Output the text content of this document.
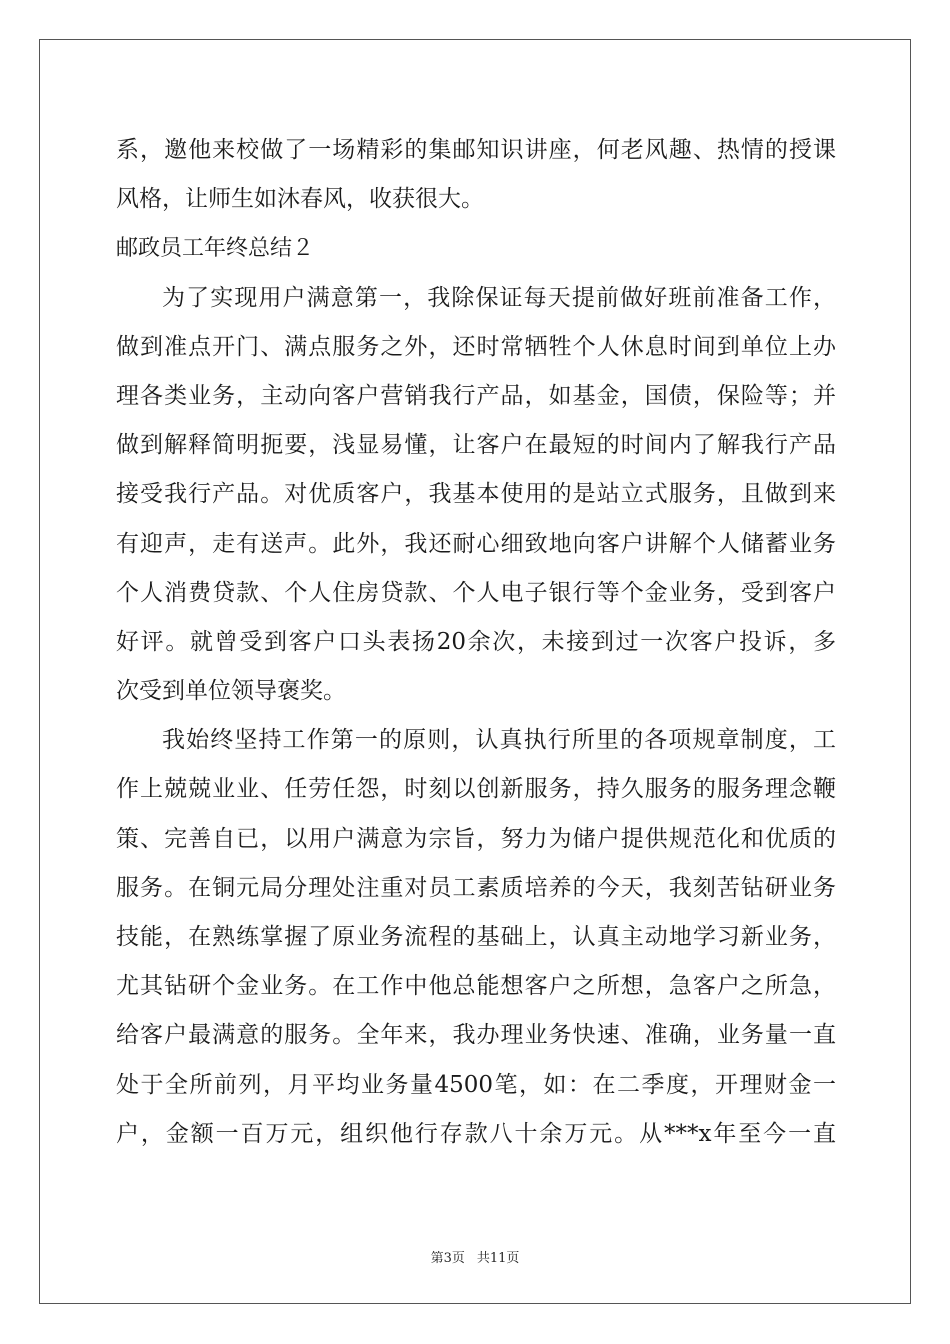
系，邀他来校做了一场精彩的集邮知识讲座，何老风趣、热情的授课
风格，让师生如沐春风，收获很大。
邮政员工年终总结２
为了实现用户满意第一，我除保证每天提前做好班前准备工作，
做到准点开门、满点服务之外，还时常牺牲个人休息时间到单位上办
理各类业务，主动向客户营销我行产品，如基金，国债，保险等；并
做到解释简明扼要，浅显易懂，让客户在最短的时间内了解我行产品
接受我行产品。对优质客户，我基本使用的是站立式服务，且做到来
有迎声，走有送声。此外，我还耐心细致地向客户讲解个人储蓄业务
个人消费贷款、个人住房贷款、个人电子银行等个金业务，受到客户
好评。就曾受到客户口头表扬20余次，未接到过一次客户投诉，多
次受到单位领导褒奖。
我始终坚持工作第一的原则，认真执行所里的各项规章制度，工
作上兢兢业业、任劳任怨，时刻以创新服务，持久服务的服务理念鞭
策、完善自已，以用户满意为宗旨，努力为储户提供规范化和优质的
服务。在铜元局分理处注重对员工素质培养的今天，我刻苦钻研业务
技能，在熟练掌握了原业务流程的基础上，认真主动地学习新业务，
尤其钻研个金业务。在工作中他总能想客户之所想，急客户之所急，
给客户最满意的服务。全年来，我办理业务快速、准确，业务量一直
处于全所前列，月平均业务量4500笔，如：在二季度，开理财金一
户，金额一百万元，组织他行存款八十余万元。从***x年至今一直
第3页 共11页
